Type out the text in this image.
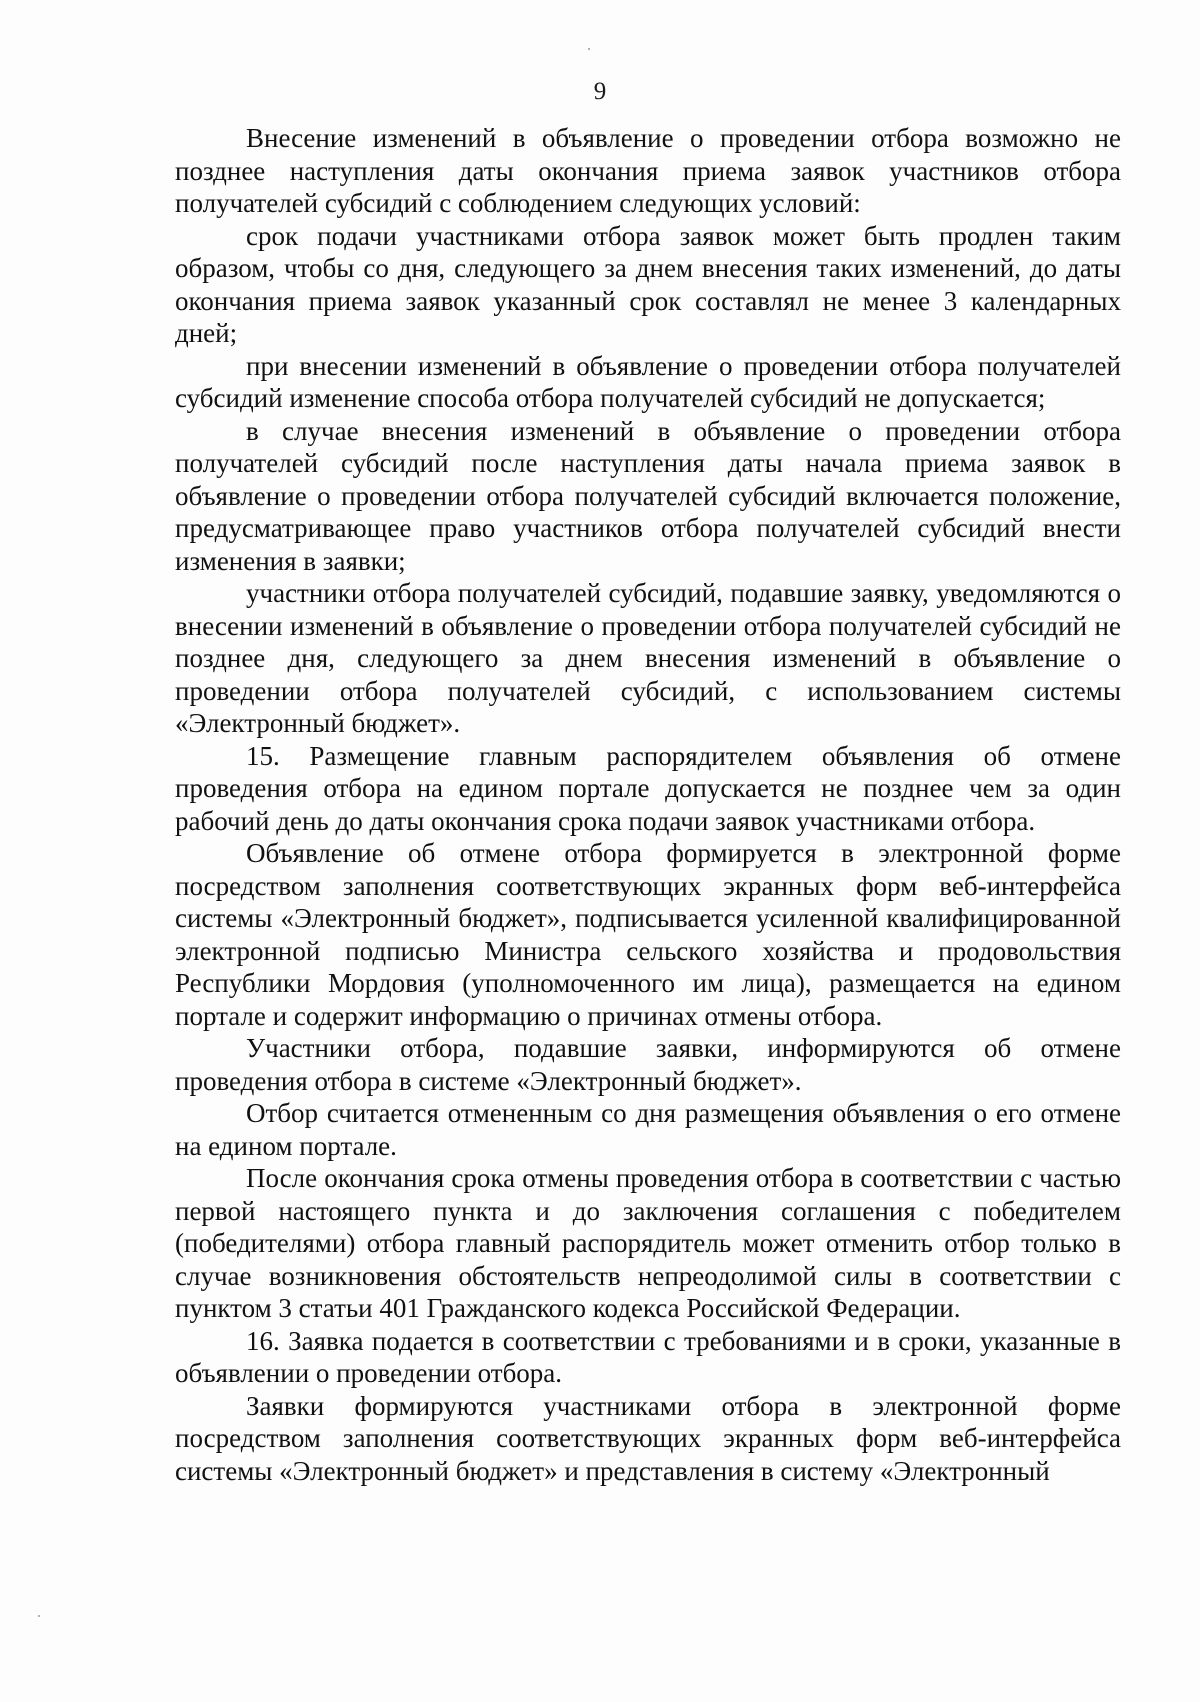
9

Внесение изменений в объявление о проведении отбора возможно не позднее наступления даты окончания приема заявок участников отбора получателей субсидий с соблюдением следующих условий:

срок подачи участниками отбора заявок может быть продлен таким образом, чтобы со дня, следующего за днем внесения таких изменений, до даты окончания приема заявок указанный срок составлял не менее 3 календарных дней;

при внесении изменений в объявление о проведении отбора получателей субсидий изменение способа отбора получателей субсидий не допускается;

в случае внесения изменений в объявление о проведении отбора получателей субсидий после наступления даты начала приема заявок в объявление о проведении отбора получателей субсидий включается положение, предусматривающее право участников отбора получателей субсидий внести изменения в заявки;

участники отбора получателей субсидий, подавшие заявку, уведомляются о внесении изменений в объявление о проведении отбора получателей субсидий не позднее дня, следующего за днем внесения изменений в объявление о проведении отбора получателей субсидий, с использованием системы «Электронный бюджет».

15. Размещение главным распорядителем объявления об отмене проведения отбора на едином портале допускается не позднее чем за один рабочий день до даты окончания срока подачи заявок участниками отбора.

Объявление об отмене отбора формируется в электронной форме посредством заполнения соответствующих экранных форм веб-интерфейса системы «Электронный бюджет», подписывается усиленной квалифицированной электронной подписью Министра сельского хозяйства и продовольствия Республики Мордовия (уполномоченного им лица), размещается на едином портале и содержит информацию о причинах отмены отбора.

Участники отбора, подавшие заявки, информируются об отмене проведения отбора в системе «Электронный бюджет».

Отбор считается отмененным со дня размещения объявления о его отмене на едином портале.

После окончания срока отмены проведения отбора в соответствии с частью первой настоящего пункта и до заключения соглашения с победителем (победителями) отбора главный распорядитель может отменить отбор только в случае возникновения обстоятельств непреодолимой силы в соответствии с пунктом 3 статьи 401 Гражданского кодекса Российской Федерации.

16. Заявка подается в соответствии с требованиями и в сроки, указанные в объявлении о проведении отбора.

Заявки формируются участниками отбора в электронной форме посредством заполнения соответствующих экранных форм веб-интерфейса системы «Электронный бюджет» и представления в систему «Электронный
